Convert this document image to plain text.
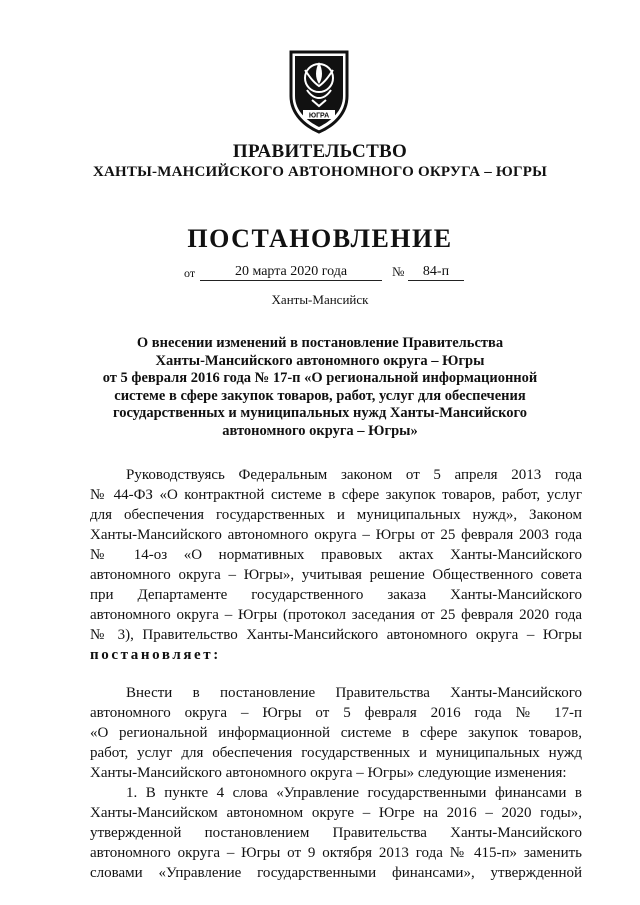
ЮГРА
ПРАВИТЕЛЬСТВО
ХАНТЫ-МАНСИЙСКОГО АВТОНОМНОГО ОКРУГА – ЮГРЫ
ПОСТАНОВЛЕНИЕ
от	20 марта 2020 года	№	84-п
Ханты-Мансийск
О внесении изменений в постановление Правительства
Ханты-Мансийского автономного округа – Югры
от 5 февраля 2016 года № 17-п «О региональной информационной
системе в сфере закупок товаров, работ, услуг для обеспечения
государственных и муниципальных нужд Ханты-Мансийского
автономного округа – Югры»
Руководствуясь Федеральным законом от 5 апреля 2013 года
№ 44-ФЗ «О контрактной системе в сфере закупок товаров, работ, услуг
для обеспечения государственных и муниципальных нужд», Законом
Ханты-Мансийского автономного округа – Югры от 25 февраля 2003 года
№ 14-оз «О нормативных правовых актах Ханты-Мансийского
автономного округа – Югры», учитывая решение Общественного совета
при Департаменте государственного заказа Ханты-Мансийского
автономного округа – Югры (протокол заседания от 25 февраля 2020 года
№ 3), Правительство Ханты-Мансийского автономного округа – Югры
постановляет:
Внести в постановление Правительства Ханты-Мансийского
автономного округа – Югры от 5 февраля 2016 года № 17-п
«О региональной информационной системе в сфере закупок товаров,
работ, услуг для обеспечения государственных и муниципальных нужд
Ханты-Мансийского автономного округа – Югры» следующие изменения:
1. В пункте 4 слова «Управление государственными финансами в
Ханты-Мансийском автономном округе – Югре на 2016 – 2020 годы»,
утвержденной постановлением Правительства Ханты-Мансийского
автономного округа – Югры от 9 октября 2013 года № 415-п» заменить
словами «Управление государственными финансами», утвержденной
